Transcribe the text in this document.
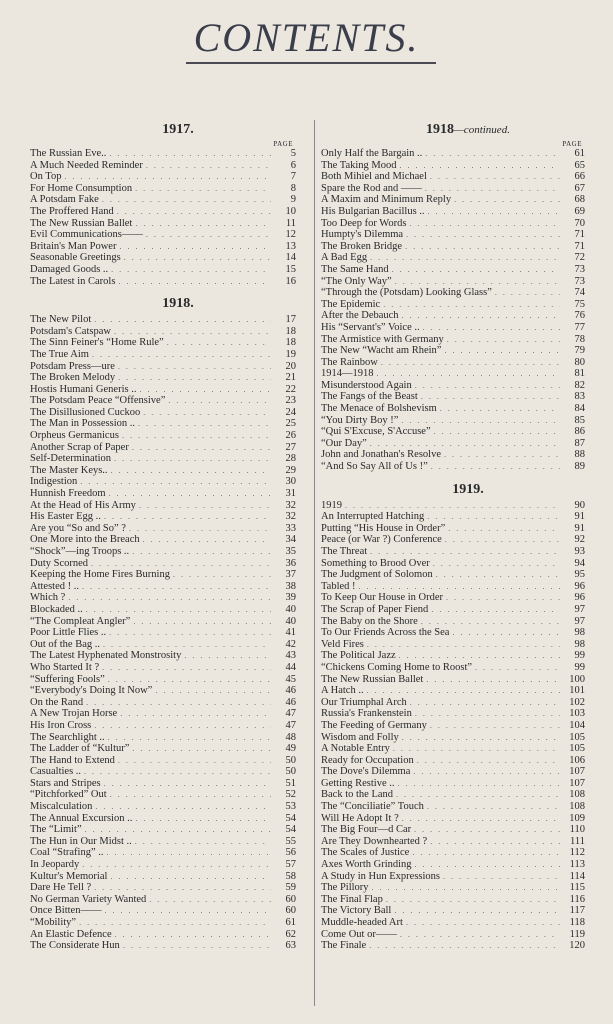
CONTENTS.
1917.
PAGE
The Russian Eve.. . . .	5
A Much Needed Reminder . . .	6
On Top . . .	7
For Home Consumption . . .	8
A Potsdam Fake . . .	9
The Proffered Hand . . .	10
The New Russian Ballet . . .	11
Evil Communications—— . . .	12
Britain's Man Power . . .	13
Seasonable Greetings . . .	14
Damaged Goods .. . . .	15
The Latest in Carols . . .	16
1918.
The New Pilot . . .	17
Potsdam's Catspaw . . .	18
The Sinn Feiner's “Home Rule” . . .	18
The True Aim . . .	19
Potsdam Press—ure . . .	20
The Broken Melody . . .	21
Hostis Humani Generis .. . . .	22
The Potsdam Peace “Offensive” . . .	23
The Disillusioned Cuckoo . . .	24
The Man in Possession .. . . .	25
Orpheus Germanicus . . .	26
Another Scrap of Paper . . .	27
Self-Determination . . .	28
The Master Keys.. . . .	29
Indigestion . . .	30
Hunnish Freedom . . .	31
At the Head of His Army . . .	32
His Easter Egg .. . . .	32
Are you “So and So” ? . . .	33
One More into the Breach . . .	34
“Shock”—ing Troops .. . . .	35
Duty Scorned . . .	36
Keeping the Home Fires Burning . . .	37
Attested ! .. . . .	38
Which ? . . .	39
Blockaded .. . . .	40
“The Compleat Angler” . . .	40
Poor Little Flies .. . . .	41
Out of the Bag .. . . .	42
The Latest Hyphenated Monstrosity . . .	43
Who Started It ? . . .	44
“Suffering Fools” . . .	45
“Everybody's Doing It Now” . . .	46
On the Rand . . .	46
A New Trojan Horse . . .	47
His Iron Cross . . .	47
The Searchlight .. . . .	48
The Ladder of “Kultur” . . .	49
The Hand to Extend . . .	50
Casualties .. . . .	50
Stars and Stripes . . .	51
“Pitchforked” Out . . .	52
Miscalculation . . .	53
The Annual Excursion .. . . .	54
The “Limit” . . .	54
The Hun in Our Midst .. . . .	55
Coal “Strafing” .. . . .	56
In Jeopardy . . .	57
Kultur's Memorial . . .	58
Dare He Tell ? . . .	59
No German Variety Wanted . . .	60
Once Bitten—— . . .	60
“Mobility” . . .	61
An Elastic Defence . . .	62
The Considerate Hun . . .	63
1918—continued.
PAGE
Only Half the Bargain .. . . .	61
The Taking Mood . . .	65
Both Mihiel and Michael . . .	66
Spare the Rod and —— . . .	67
A Maxim and Minimum Reply . . .	68
His Bulgarian Bacillus .. . . .	69
Too Deep for Words . . .	70
Humpty's Dilemma . . .	71
The Broken Bridge . . .	71
A Bad Egg . . .	72
The Same Hand . . .	73
“The Only Way” . . .	73
“Through the (Potsdam) Looking Glass” . . .	74
The Epidemic . . .	75
After the Debauch . . .	76
His “Servant's” Voice .. . . .	77
The Armistice with Germany . . .	78
The New “Wacht am Rhein” . . .	79
The Rainbow . . .	80
1914—1918 . . .	81
Misunderstood Again . . .	82
The Fangs of the Beast . . .	83
The Menace of Bolshevism . . .	84
“You Dirty Boy !” . . .	85
“Qui S'Excuse, S'Accuse” . . .	86
“Our Day” . . .	87
John and Jonathan's Resolve . . .	88
“And So Say All of Us !” . . .	89
1919.
1919 . . .	90
An Interrupted Hatching . . .	91
Putting “His House in Order” . . .	91
Peace (or War ?) Conference . . .	92
The Threat . . .	93
Something to Brood Over . . .	94
The Judgment of Solomon . . .	95
Tabled ! . . .	96
To Keep Our House in Order . . .	96
The Scrap of Paper Fiend . . .	97
The Baby on the Shore . . .	97
To Our Friends Across the Sea . . .	98
Veld Fires . . .	98
The Political Jazz . . .	99
“Chickens Coming Home to Roost” . . .	99
The New Russian Ballet . . .	100
A Hatch .. . . .	101
Our Triumphal Arch . . .	102
Russia's Frankenstein . . .	103
The Feeding of Germany . . .	104
Wisdom and Folly . . .	105
A Notable Entry . . .	105
Ready for Occupation . . .	106
The Dove's Dilemma . . .	107
Getting Restive .. . . .	107
Back to the Land . . .	108
The “Conciliatie” Touch . . .	108
Will He Adopt It ? . . .	109
The Big Four—d Car . . .	110
Are They Downhearted ? . . .	111
The Scales of Justice . . .	112
Axes Worth Grinding . . .	113
A Study in Hun Expressions . . .	114
The Pillory . . .	115
The Final Flap . . .	116
The Victory Ball . . .	117
Muddle-headed Art . . .	118
Come Out or—— . . .	119
The Finale . . .	120
